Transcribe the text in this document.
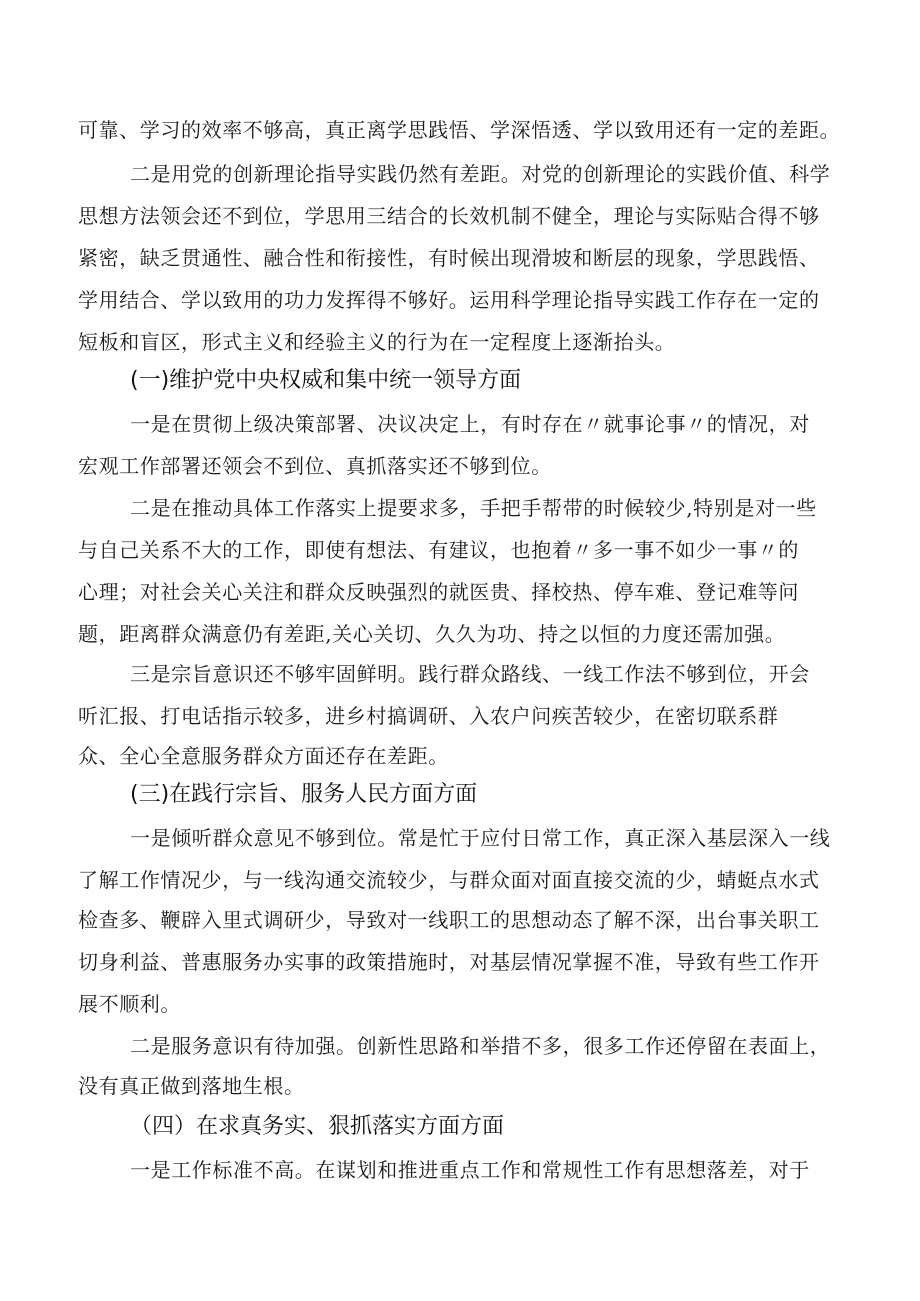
可靠、学习的效率不够高，真正离学思践悟、学深悟透、学以致用还有一定的差距。
二是用党的创新理论指导实践仍然有差距。对党的创新理论的实践价值、科学
思想方法领会还不到位，学思用三结合的长效机制不健全，理论与实际贴合得不够
紧密，缺乏贯通性、融合性和衔接性，有时候出现滑坡和断层的现象，学思践悟、
学用结合、学以致用的功力发挥得不够好。运用科学理论指导实践工作存在一定的
短板和盲区，形式主义和经验主义的行为在一定程度上逐渐抬头。
(一)维护党中央权威和集中统一领导方面
一是在贯彻上级决策部署、决议决定上，有时存在〃就事论事〃的情况，对
宏观工作部署还领会不到位、真抓落实还不够到位。
二是在推动具体工作落实上提要求多，手把手帮带的时候较少,特别是对一些
与自己关系不大的工作，即使有想法、有建议，也抱着〃多一事不如少一事〃的
心理；对社会关心关注和群众反映强烈的就医贵、择校热、停车难、登记难等问
题，距离群众满意仍有差距,关心关切、久久为功、持之以恒的力度还需加强。
三是宗旨意识还不够牢固鲜明。践行群众路线、一线工作法不够到位，开会
听汇报、打电话指示较多，进乡村搞调研、入农户问疾苦较少，在密切联系群
众、全心全意服务群众方面还存在差距。
(三)在践行宗旨、服务人民方面方面
一是倾听群众意见不够到位。常是忙于应付日常工作，真正深入基层深入一线
了解工作情况少，与一线沟通交流较少，与群众面对面直接交流的少，蜻蜓点水式
检查多、鞭辟入里式调研少，导致对一线职工的思想动态了解不深，出台事关职工
切身利益、普惠服务办实事的政策措施时，对基层情况掌握不准，导致有些工作开
展不顺利。
二是服务意识有待加强。创新性思路和举措不多，很多工作还停留在表面上，
没有真正做到落地生根。
（四）在求真务实、狠抓落实方面方面
一是工作标准不高。在谋划和推进重点工作和常规性工作有思想落差，对于
